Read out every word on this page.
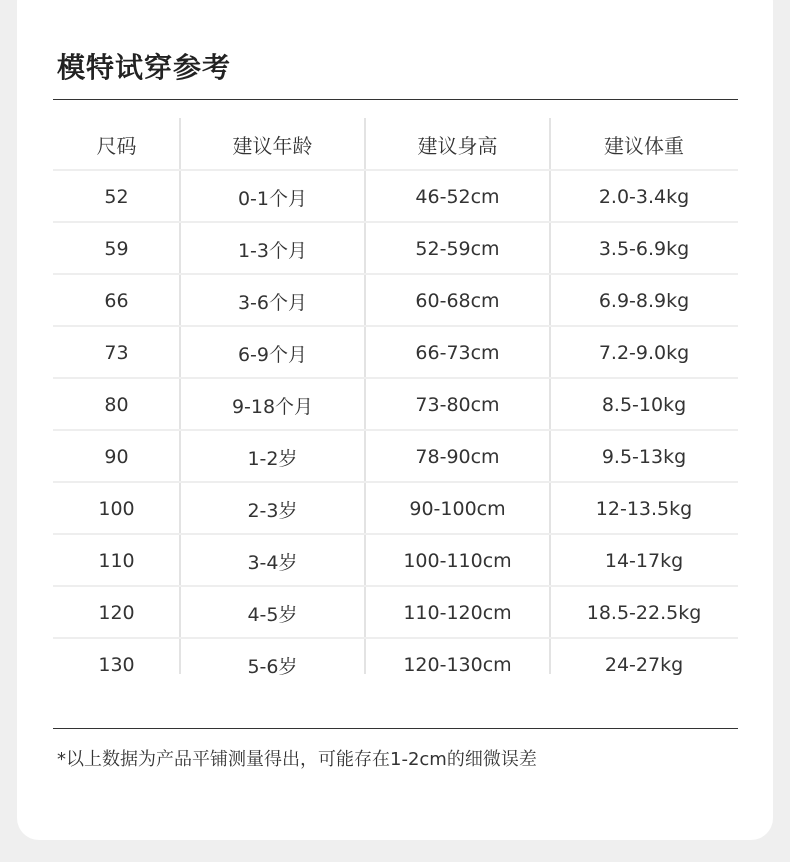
模特试穿参考
尺码	建议年龄	建议身高	建议体重
52	0-1个月	46-52cm	2.0-3.4kg
59	1-3个月	52-59cm	3.5-6.9kg
66	3-6个月	60-68cm	6.9-8.9kg
73	6-9个月	66-73cm	7.2-9.0kg
80	9-18个月	73-80cm	8.5-10kg
90	1-2岁	78-90cm	9.5-13kg
100	2-3岁	90-100cm	12-13.5kg
110	3-4岁	100-110cm	14-17kg
120	4-5岁	110-120cm	18.5-22.5kg
130	5-6岁	120-130cm	24-27kg
*以上数据为产品平铺测量得出，可能存在1-2cm的细微误差
